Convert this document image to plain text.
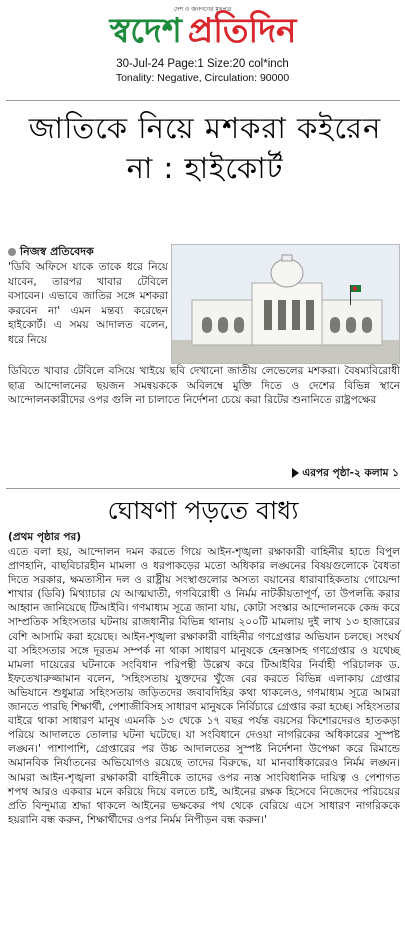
দেশ ও জনগণের মুখপত্র
স্বদেশ প্রতিদিন
30-Jul-24 Page:1 Size:20 col*inch
Tonality: Negative, Circulation: 90000
জাতিকে নিয়ে মশকরা কইরেন না : হাইকোর্ট
নিজস্ব প্রতিবেদক
'ডিবি অফিসে যাকে তাকে ধরে নিয়ে যাবেন, তারপর খাবার টেবিলে বসাবেন। এভাবে জাতির সঙ্গে মশকরা করবেন না' এমন মন্তব্য করেছেন হাইকোর্ট। এ সময় আদালত বলেন, ধরে নিয়ে
ডিবিতে খাবার টেবিলে বসিয়ে খাইয়ে ছবি দেখানো জাতীয় লেভেলের মশকরা। বৈষম্যবিরোধী ছাত্র আন্দোলনের ছয়জন সমন্বয়ককে অবিলম্বে মুক্তি দিতে ও দেশের বিভিন্ন স্থানে আন্দোলনকারীদের ওপর গুলি না চালাতে নির্দেশনা চেয়ে করা রিটের শুনানিতে রাষ্ট্রপক্ষের
এরপর পৃষ্ঠা-২ কলাম ১
ঘোষণা পড়তে বাধ্য
(প্রথম পৃষ্ঠার পর)
এতে বলা হয়, আন্দোলন দমন করতে গিয়ে আইন-শৃঙ্খলা রক্ষাকারী বাহিনীর হাতে বিপুল প্রাণহানি, বাছবিচারহীন মামলা ও ধরপাকড়ের মতো অধিকার লঙ্ঘনের বিষয়গুলোকে বৈধতা দিতে সরকার, ক্ষমতাসীন দল ও রাষ্ট্রীয় সংস্থাগুলোর অসত্য বয়ানের ধারাবাহিকতায় গোয়েন্দা শাখার (ডিবি) মিথ্যাচার যে আত্মঘাতী, গণবিরোধী ও নির্মম নাটকীয়তাপূর্ণ, তা উপলব্ধি করার আহ্বান জানিয়েছে টিআইবি। গণমাধ্যম সূত্রে জানা যায়, কোটা সংস্কার আন্দোলনকে কেন্দ্র করে সাম্প্রতিক সহিংসতার ঘটনায় রাজধানীর বিভিন্ন থানায় ২০০টি মামলায় দুই লাখ ১৩ হাজারের বেশি আসামি করা হয়েছে। আইন-শৃঙ্খলা রক্ষাকারী বাহিনীর গণগ্রেপ্তার অভিযান চলছে। সংঘর্ষ বা সহিংসতার সঙ্গে দূরতম সম্পর্ক না থাকা সাধারণ মানুষকে হেনস্তাসহ গণগ্রেপ্তার ও যথেচ্ছ মামলা দায়েরের ঘটনাকে সংবিধান পরিপন্থী উল্লেখ করে টিআইবির নির্বাহী পরিচালক ড. ইফতেখারুজ্জামান বলেন, 'সহিংসতায় যুক্তদের খুঁজে বের করতে বিভিন্ন এলাকায় গ্রেপ্তার অভিযানে শুধুমাত্র সহিংসতায় জড়িতদের জবাবদিহির কথা থাকলেও, গণমাধ্যম সূত্রে আমরা জানতে পারছি শিক্ষার্থী, পেশাজীবিসহ সাধারণ মানুষকে নির্বিচারে গ্রেপ্তার করা হচ্ছে। সহিংসতার বাইরে থাকা সাধারণ মানুষ এমনকি ১৩ থেকে ১৭ বছর পর্যন্ত বয়সের কিশোরদেরও হাতকড়া পরিয়ে আদালতে তোলার ঘটনা ঘটেছে। যা সংবিধানে দেওয়া নাগরিকের অধিকারের সুস্পষ্ট লঙ্ঘন।' পাশাপাশি, গ্রেপ্তারের পর উচ্চ আদালতের সুস্পষ্ট নির্দেশনা উপেক্ষা করে রিমান্ডে অমানবিক নির্যাতনের অভিযোগও রয়েছে তাদের বিরুদ্ধে, যা মানবাধিকারেরও নির্মম লঙ্ঘন। আমরা আইন-শৃঙ্খলা রক্ষাকারী বাহিনীকে তাদের ওপর ন্যস্ত সাংবিধানিক দায়িত্ব ও পেশাগত শপথ আরও একবার মনে করিয়ে দিয়ে বলতে চাই, আইনের রক্ষক হিসেবে নিজেদের পরিচয়ের প্রতি বিন্দুমাত্র শ্রদ্ধা থাকলে আইনের ভক্ষকের পথ থেকে বেরিয়ে এসে সাধারণ নাগরিককে হয়রানি বন্ধ করুন, শিক্ষার্থীদের ওপর নির্মম নিপীড়ন বন্ধ করুন।'
